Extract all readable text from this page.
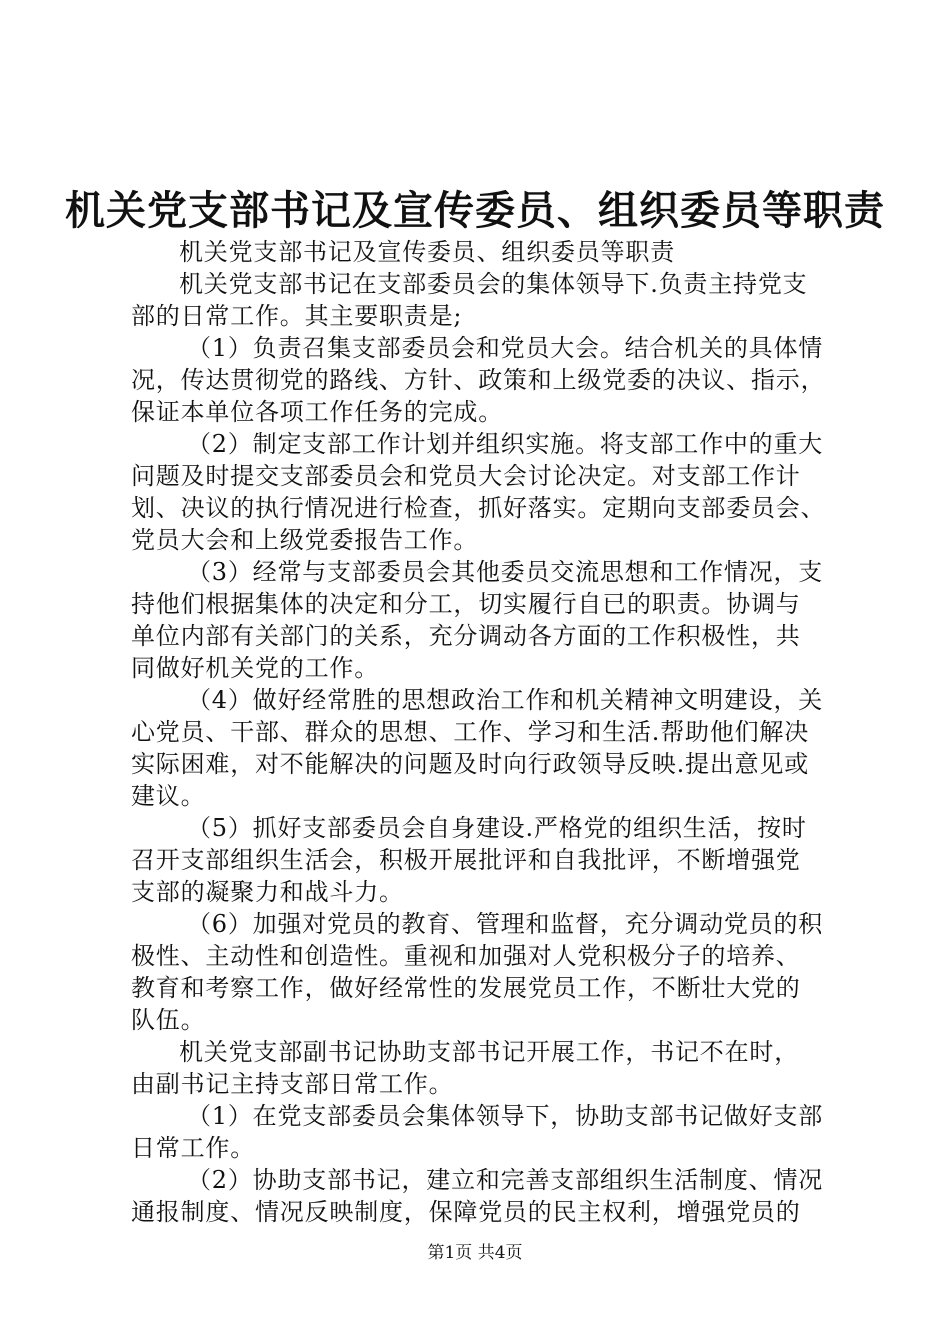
机关党支部书记及宣传委员、组织委员等职责
机关党支部书记及宣传委员、组织委员等职责
机关党支部书记在支部委员会的集体领导下.负责主持党支
部的日常工作。其主要职责是;
（1）负责召集支部委员会和党员大会。结合机关的具体情
况，传达贯彻党的路线、方针、政策和上级党委的决议、指示，
保证本单位各项工作任务的完成。
（2）制定支部工作计划并组织实施。将支部工作中的重大
问题及时提交支部委员会和党员大会讨论决定。对支部工作计
划、决议的执行情况进行检查，抓好落实。定期向支部委员会、
党员大会和上级党委报告工作。
（3）经常与支部委员会其他委员交流思想和工作情况，支
持他们根据集体的决定和分工，切实履行自已的职责。协调与
单位内部有关部门的关系，充分调动各方面的工作积极性，共
同做好机关党的工作。
（4）做好经常胜的思想政治工作和机关精神文明建设，关
心党员、干部、群众的思想、工作、学习和生活.帮助他们解决
实际困难，对不能解决的问题及时向行政领导反映.提出意见或
建议。
（5）抓好支部委员会自身建设.严格党的组织生活，按时
召开支部组织生活会，积极开展批评和自我批评，不断增强党
支部的凝聚力和战斗力。
（6）加强对党员的教育、管理和监督，充分调动党员的积
极性、主动性和创造性。重视和加强对人党积极分子的培养、
教育和考察工作，做好经常性的发展党员工作，不断壮大党的
队伍。
机关党支部副书记协助支部书记开展工作，书记不在时，
由副书记主持支部日常工作。
（1）在党支部委员会集体领导下，协助支部书记做好支部
日常工作。
（2）协助支部书记，建立和完善支部组织生活制度、情况
通报制度、情况反映制度，保障党员的民主权利，增强党员的
第1页 共4页
